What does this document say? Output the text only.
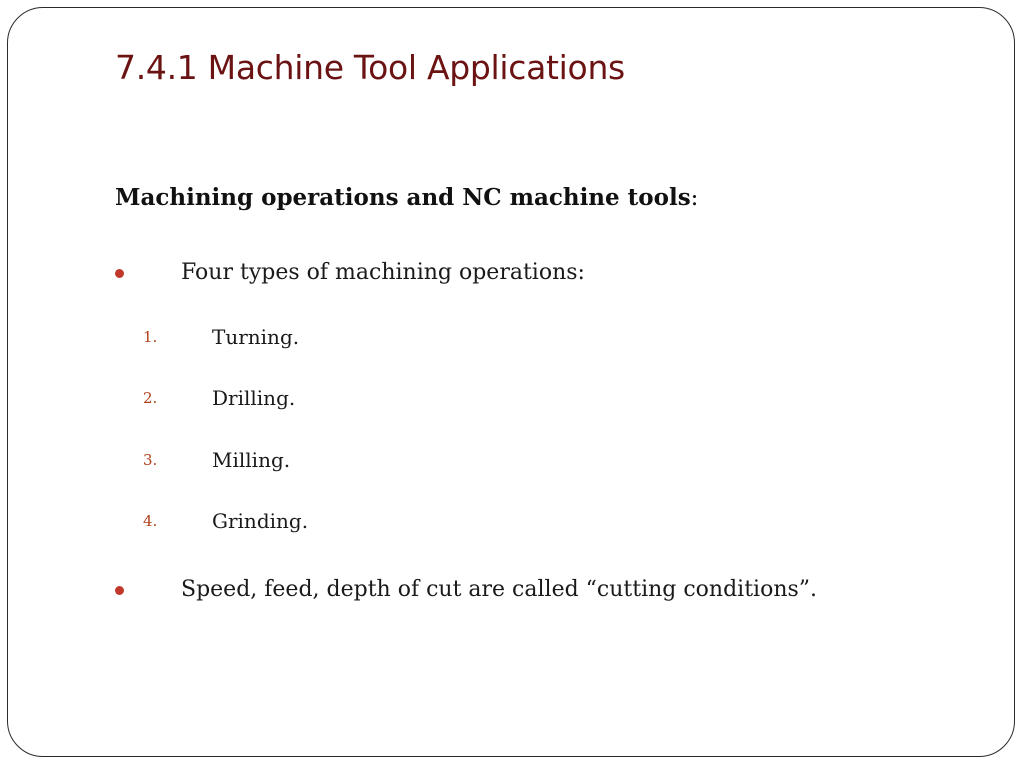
7.4.1 Machine Tool Applications
Machining operations and NC machine tools:
Four types of machining operations:
1.	Turning.
2.	Drilling.
3.	Milling.
4.	Grinding.
Speed, feed, depth of cut are called “cutting conditions”.
